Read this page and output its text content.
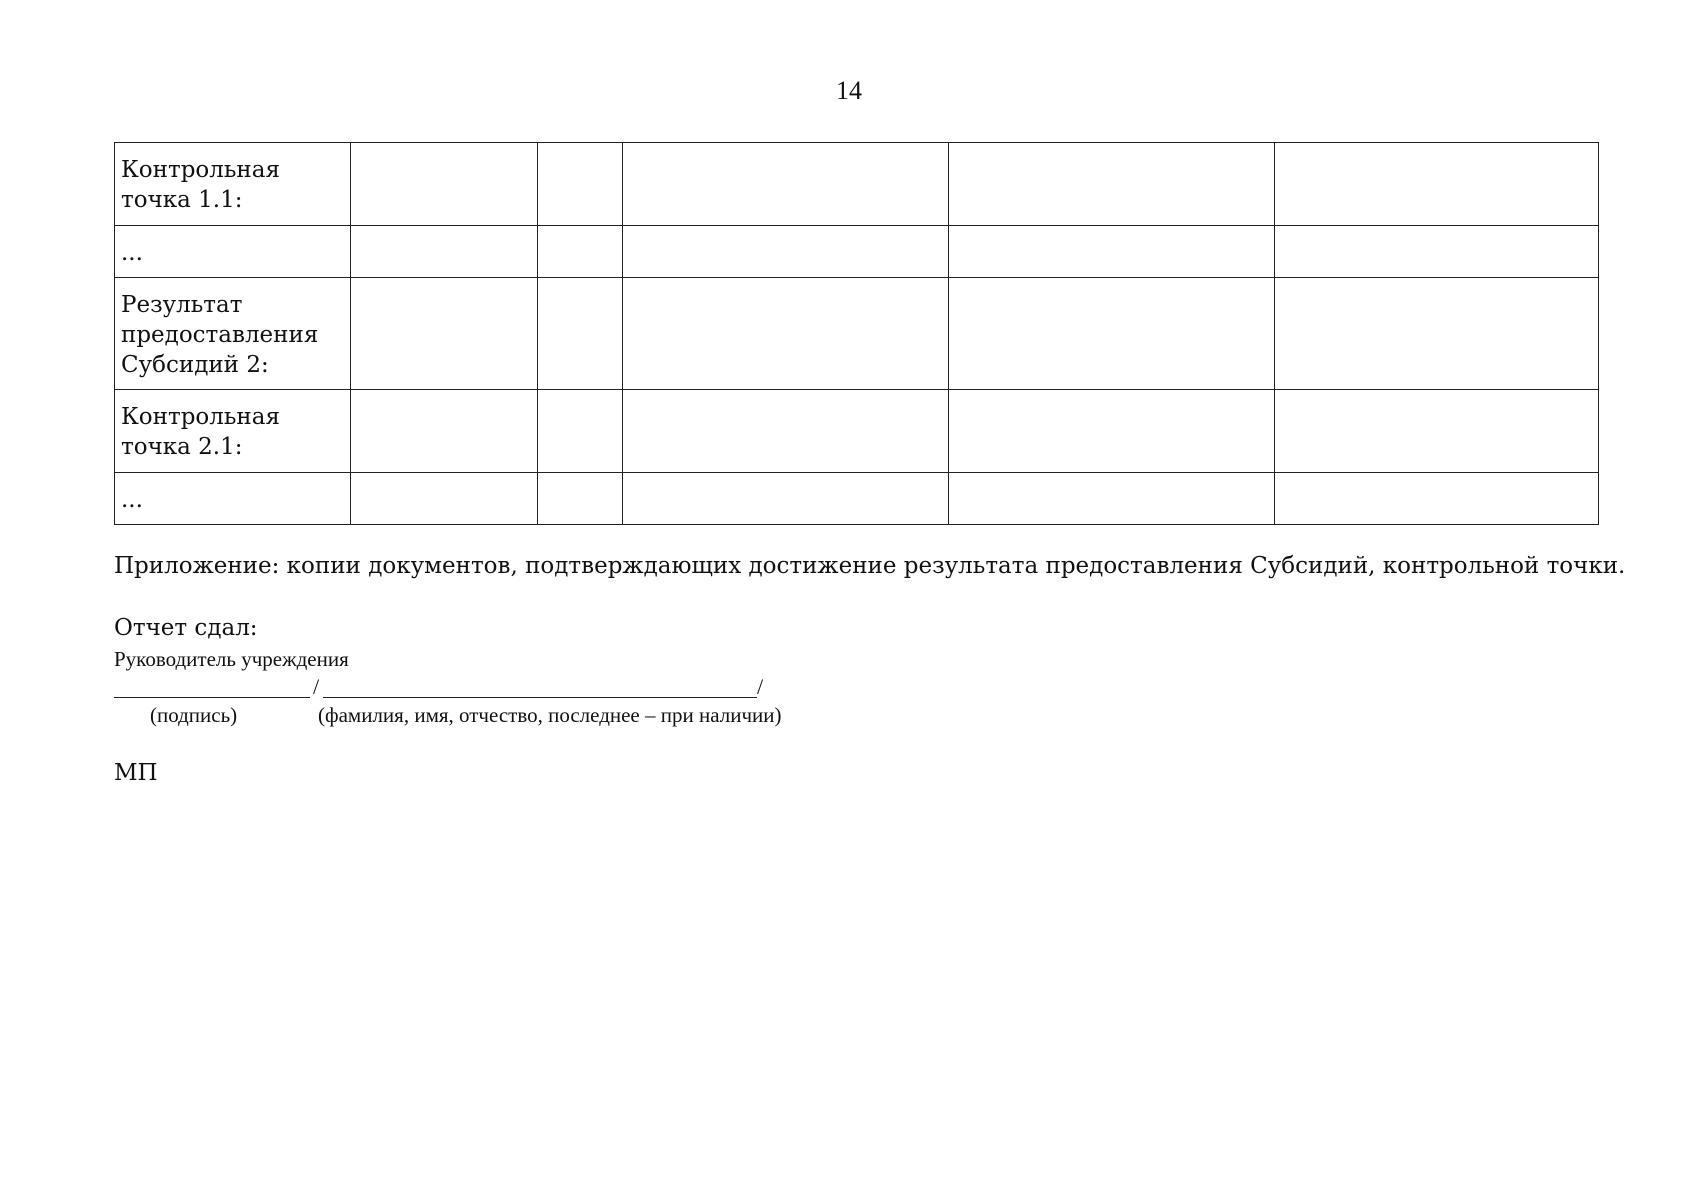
14
Контрольная точка 1.1:					
...					
Результат предоставления Субсидий 2:					
Контрольная точка 2.1:					
...					
Приложение: копии документов, подтверждающих достижение результата предоставления Субсидий, контрольной точки.
Отчет сдал:
Руководитель учреждения
/	/
(подпись)	(фамилия, имя, отчество, последнее – при наличии)
МП
